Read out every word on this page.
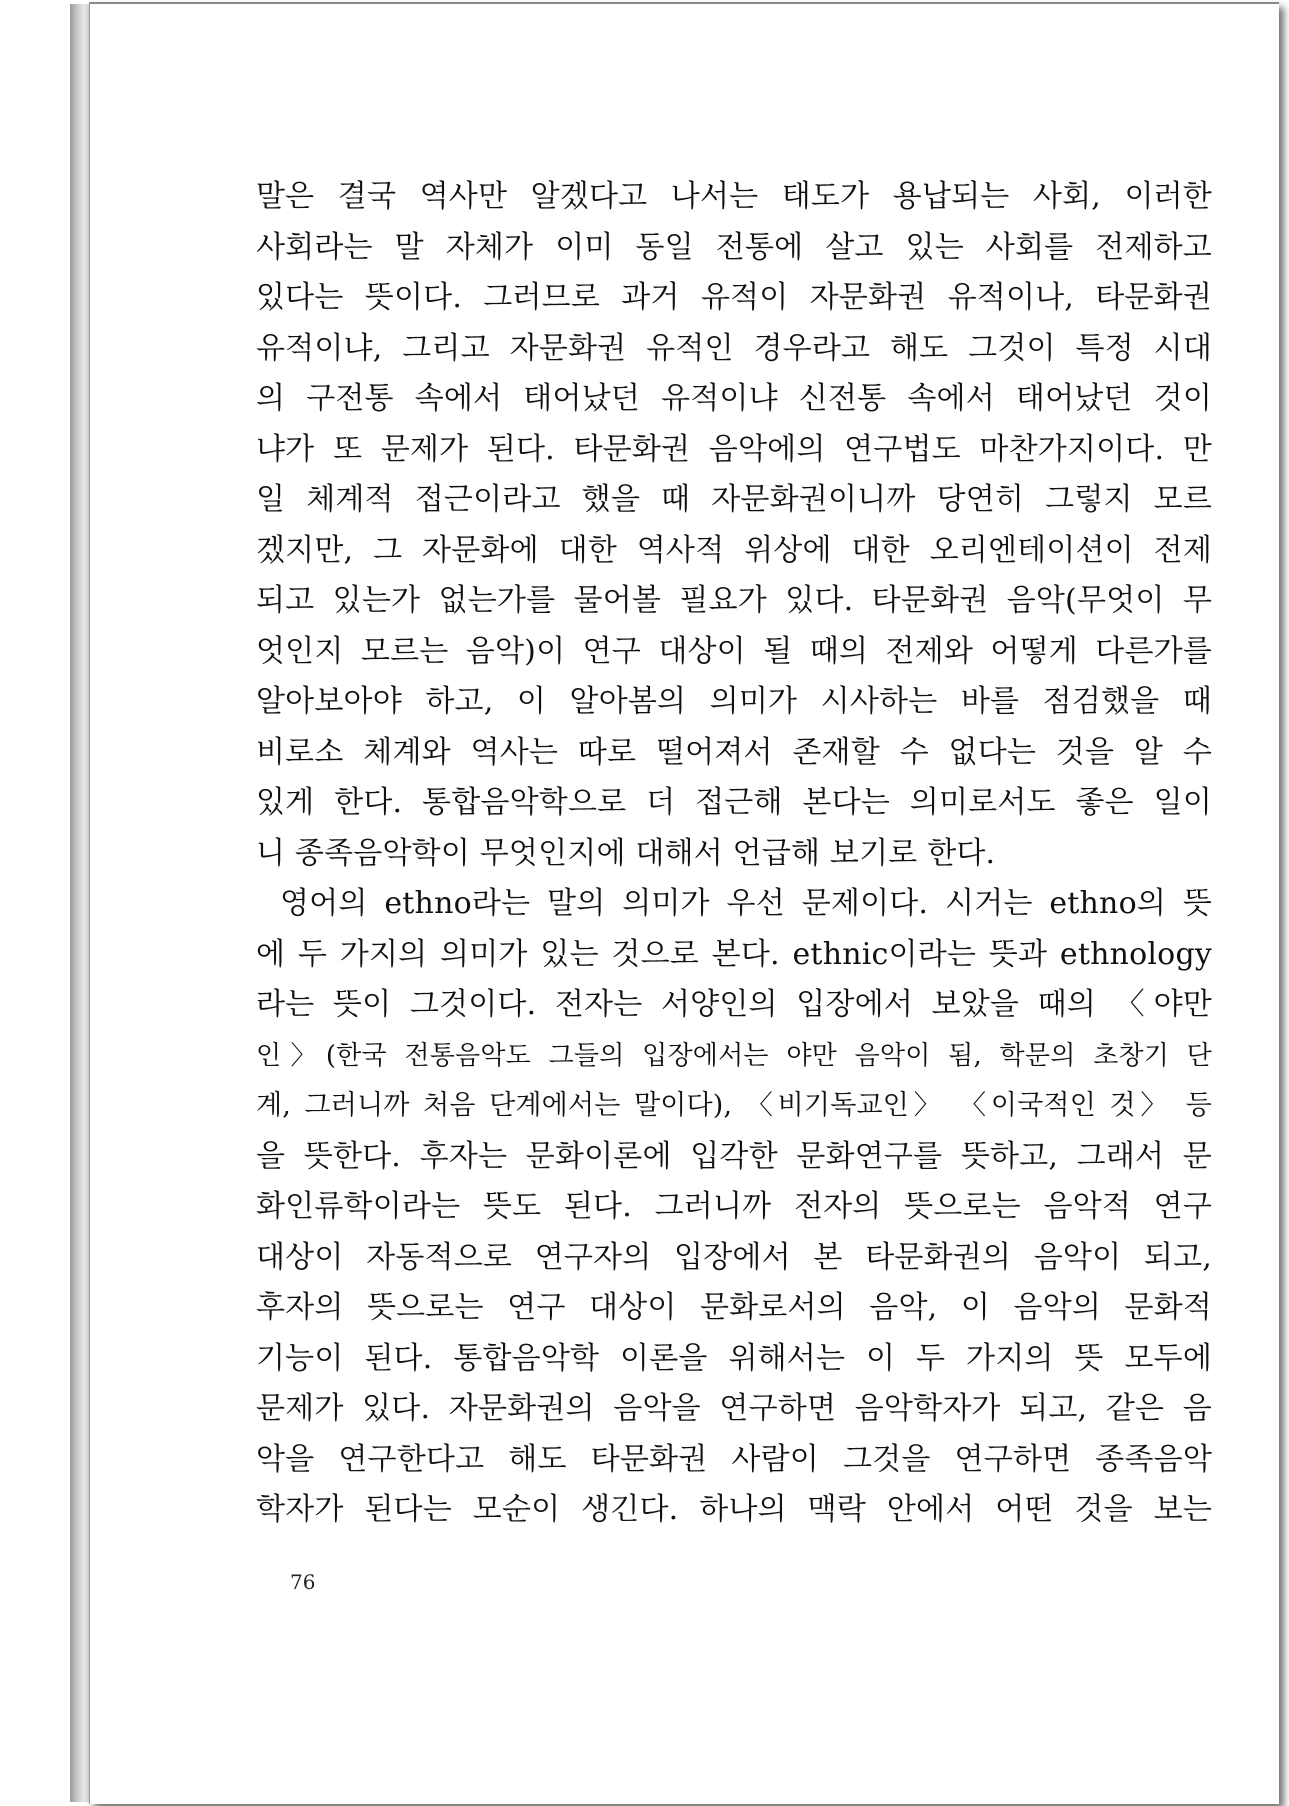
말은 결국 역사만 알겠다고 나서는 태도가 용납되는 사회, 이러한
사회라는 말 자체가 이미 동일 전통에 살고 있는 사회를 전제하고
있다는 뜻이다. 그러므로 과거 유적이 자문화권 유적이나, 타문화권
유적이냐, 그리고 자문화권 유적인 경우라고 해도 그것이 특정 시대
의 구전통 속에서 태어났던 유적이냐 신전통 속에서 태어났던 것이
냐가 또 문제가 된다. 타문화권 음악에의 연구법도 마찬가지이다. 만
일 체계적 접근이라고 했을 때 자문화권이니까 당연히 그렇지 모르
겠지만, 그 자문화에 대한 역사적 위상에 대한 오리엔테이션이 전제
되고 있는가 없는가를 물어볼 필요가 있다. 타문화권 음악(무엇이 무
엇인지 모르는 음악)이 연구 대상이 될 때의 전제와 어떻게 다른가를
알아보아야 하고, 이 알아봄의 의미가 시사하는 바를 점검했을 때
비로소 체계와 역사는 따로 떨어져서 존재할 수 없다는 것을 알 수
있게 한다. 통합음악학으로 더 접근해 본다는 의미로서도 좋은 일이
니 종족음악학이 무엇인지에 대해서 언급해 보기로 한다.
영어의 ethno라는 말의 의미가 우선 문제이다. 시거는 ethno의 뜻
에 두 가지의 의미가 있는 것으로 본다. ethnic이라는 뜻과 ethnology
라는 뜻이 그것이다. 전자는 서양인의 입장에서 보았을 때의 〈야만
인〉(한국 전통음악도 그들의 입장에서는 야만 음악이 됨, 학문의 초창기 단
계, 그러니까 처음 단계에서는 말이다), 〈비기독교인〉 〈이국적인 것〉 등
을 뜻한다. 후자는 문화이론에 입각한 문화연구를 뜻하고, 그래서 문
화인류학이라는 뜻도 된다. 그러니까 전자의 뜻으로는 음악적 연구
대상이 자동적으로 연구자의 입장에서 본 타문화권의 음악이 되고,
후자의 뜻으로는 연구 대상이 문화로서의 음악, 이 음악의 문화적
기능이 된다. 통합음악학 이론을 위해서는 이 두 가지의 뜻 모두에
문제가 있다. 자문화권의 음악을 연구하면 음악학자가 되고, 같은 음
악을 연구한다고 해도 타문화권 사람이 그것을 연구하면 종족음악
학자가 된다는 모순이 생긴다. 하나의 맥락 안에서 어떤 것을 보는
76
